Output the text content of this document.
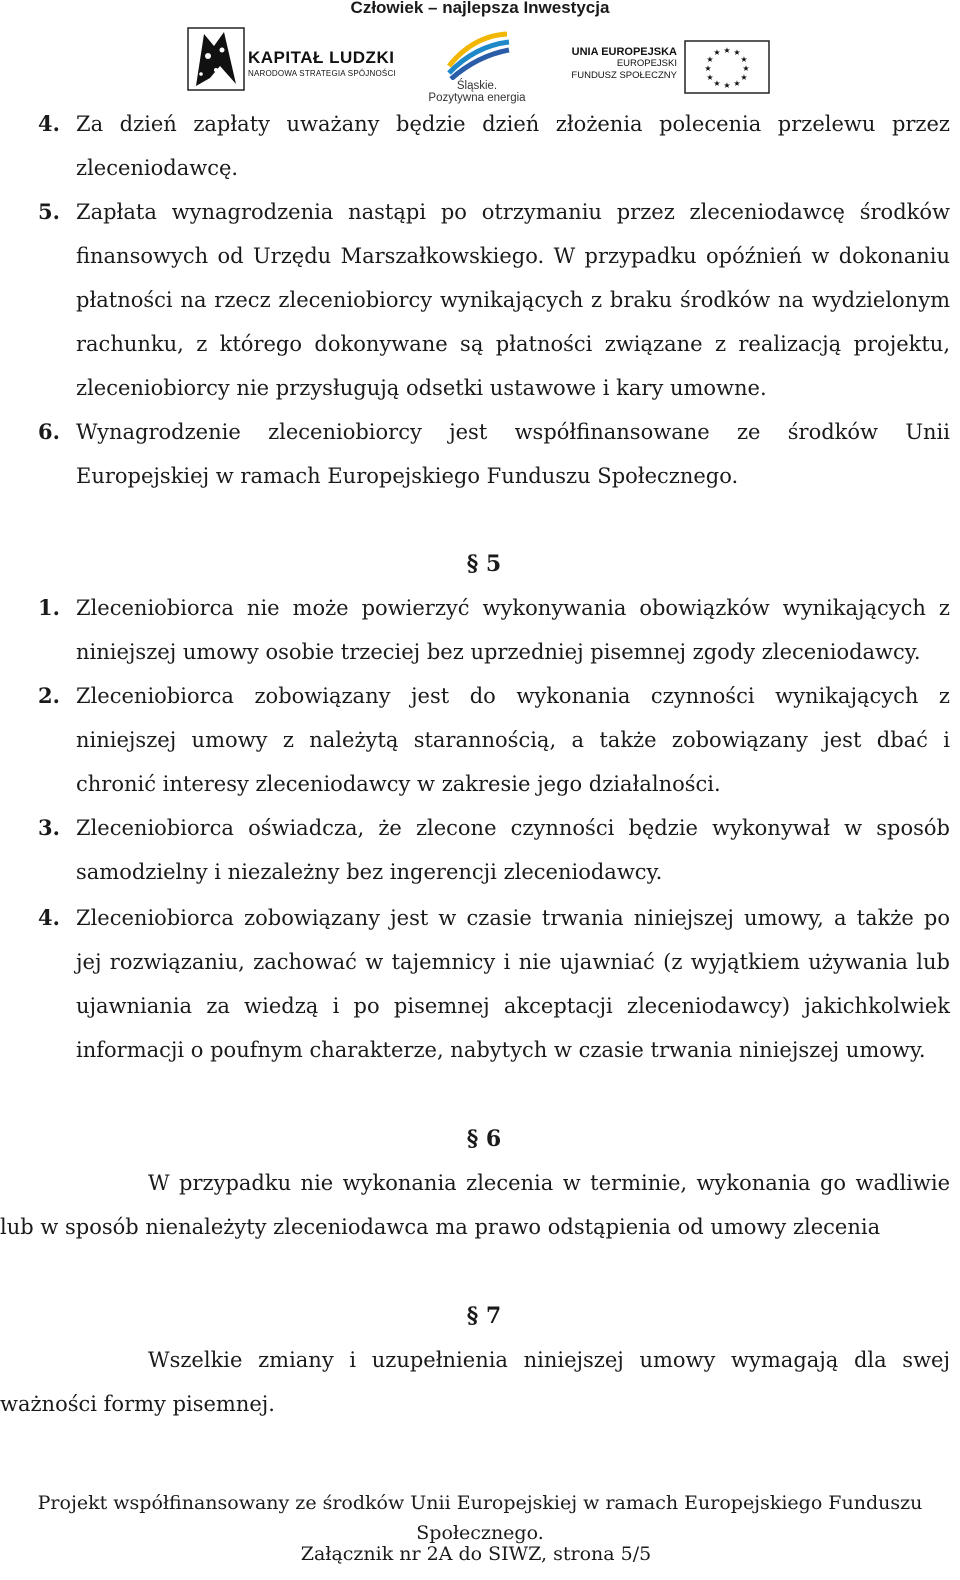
Człowiek – najlepsza Inwestycja
KAPITAŁ LUDZKI
NARODOWA STRATEGIA SPÓJNOŚCI
Śląskie.
Pozytywna energia
UNIA EUROPEJSKA
EUROPEJSKI
FUNDUSZ SPOŁECZNY
★ ★
★
★
★
★
★
★
★
★
★
★
4. Za dzień zapłaty uważany będzie dzień złożenia polecenia przelewu przez
zleceniodawcę.
5. Zapłata wynagrodzenia nastąpi po otrzymaniu przez zleceniodawcę środków
finansowych od Urzędu Marszałkowskiego. W przypadku opóźnień w dokonaniu
płatności na rzecz zleceniobiorcy wynikających z braku środków na wydzielonym
rachunku, z którego dokonywane są płatności związane z realizacją projektu,
zleceniobiorcy nie przysługują odsetki ustawowe i kary umowne.
6. Wynagrodzenie zleceniobiorcy jest współfinansowane ze środków Unii
Europejskiej w ramach Europejskiego Funduszu Społecznego.
§ 5
1. Zleceniobiorca nie może powierzyć wykonywania obowiązków wynikających z
niniejszej umowy osobie trzeciej bez uprzedniej pisemnej zgody zleceniodawcy.
2. Zleceniobiorca zobowiązany jest do wykonania czynności wynikających z
niniejszej umowy z należytą starannością, a także zobowiązany jest dbać i
chronić interesy zleceniodawcy w zakresie jego działalności.
3. Zleceniobiorca oświadcza, że zlecone czynności będzie wykonywał w sposób
samodzielny i niezależny bez ingerencji zleceniodawcy.
4. Zleceniobiorca zobowiązany jest w czasie trwania niniejszej umowy, a także po
jej rozwiązaniu, zachować w tajemnicy i nie ujawniać (z wyjątkiem używania lub
ujawniania za wiedzą i po pisemnej akceptacji zleceniodawcy) jakichkolwiek
informacji o poufnym charakterze, nabytych w czasie trwania niniejszej umowy.
§ 6
W przypadku nie wykonania zlecenia w terminie, wykonania go wadliwie
lub w sposób nienależyty zleceniodawca ma prawo odstąpienia od umowy zlecenia
§ 7
Wszelkie zmiany i uzupełnienia niniejszej umowy wymagają dla swej
ważności formy pisemnej.
Projekt współfinansowany ze środków Unii Europejskiej w ramach Europejskiego Funduszu Społecznego.
Załącznik nr 2A do SIWZ, strona 5/5
